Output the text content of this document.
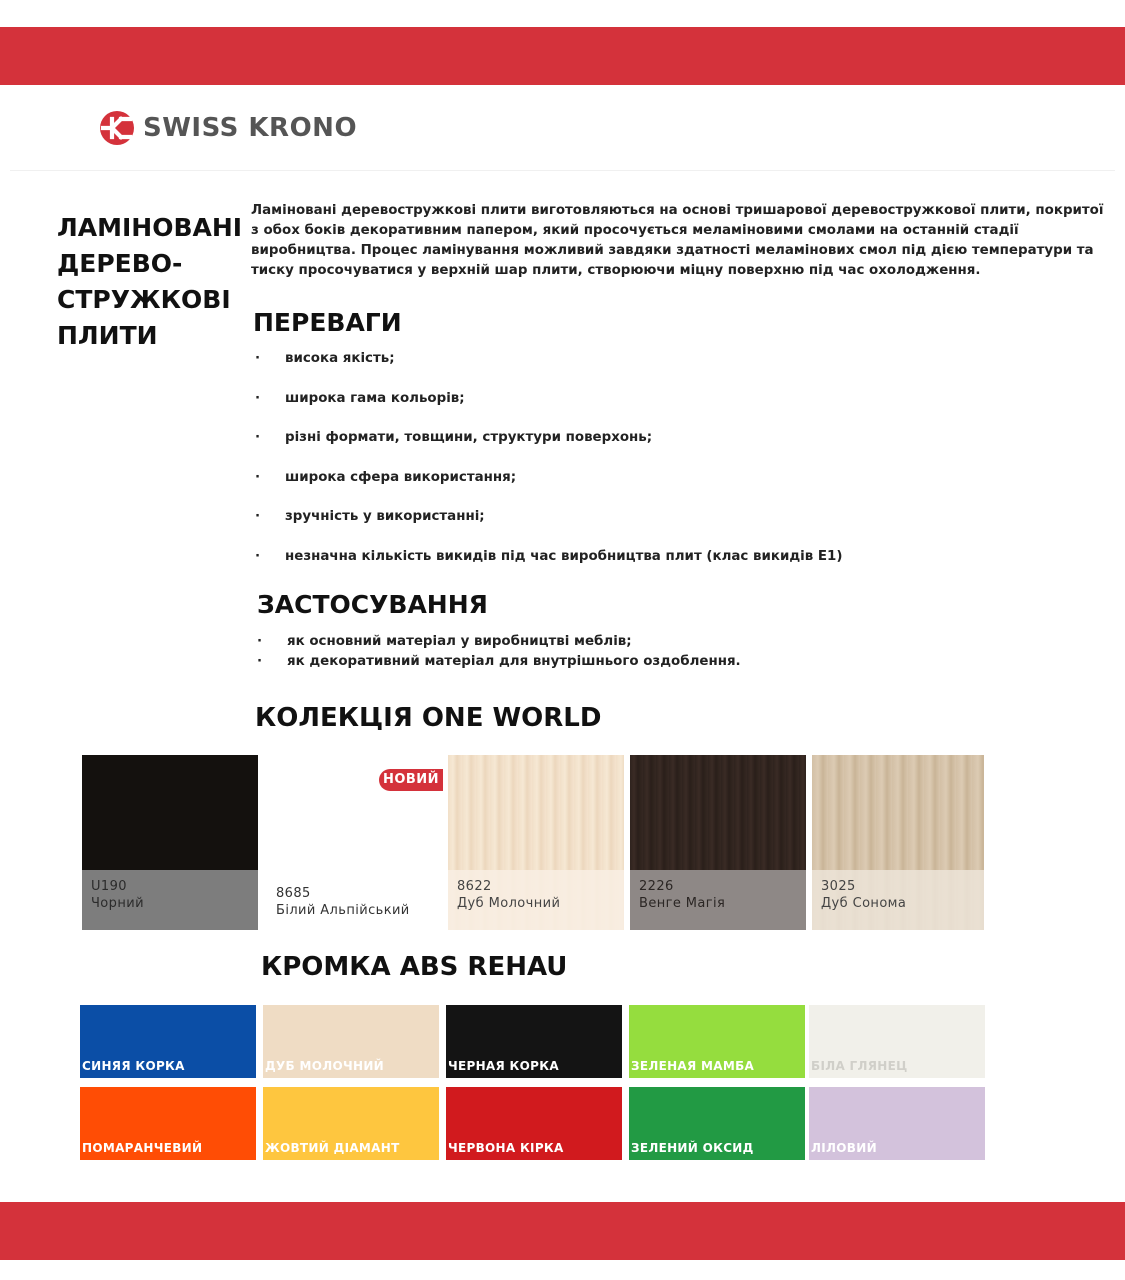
SWISS KRONO
ЛАМІНОВАНІ
ДЕРЕВО-
СТРУЖКОВІ
ПЛИТИ

Ламіновані деревостружкові плити виготовляються на основі тришарової деревостружкової плити, покритої з обох боків декоративним папером, який просочується меламіновими смолами на останній стадії виробництва. Процес ламінування можливий завдяки здатності меламінових смол під дією температури та тиску просочуватися у верхній шар плити, створюючи міцну поверхню під час охолодження.

ПЕРЕВАГИ
· висока якість;
· широка гама кольорів;
· різні формати, товщини, структури поверхонь;
· широка сфера використання;
· зручність у використанні;
· незначна кількість викидів під час виробництва плит (клас викидів Е1)
ЗАСТОСУВАННЯ
· як основний матеріал у виробництві меблів;
· як декоративний матеріал для внутрішнього оздоблення.
КОЛЕКЦІЯ ONE WORLD
U190
Чорний
8685
Білий Альпійський
НОВИЙ
8622
Дуб Молочний
2226
Венге Магія
3025
Дуб Сонома
КРОМКА ABS REHAU
СИНЯЯ КОРКА	ДУБ МОЛОЧНИЙ	ЧЕРНАЯ КОРКА	ЗЕЛЕНАЯ МАМБА	БІЛА ГЛЯНЕЦ
ПОМАРАНЧЕВИЙ	ЖОВТИЙ ДІАМАНТ	ЧЕРВОНА КІРКА	ЗЕЛЕНИЙ ОКСИД	ЛІЛОВИЙ
